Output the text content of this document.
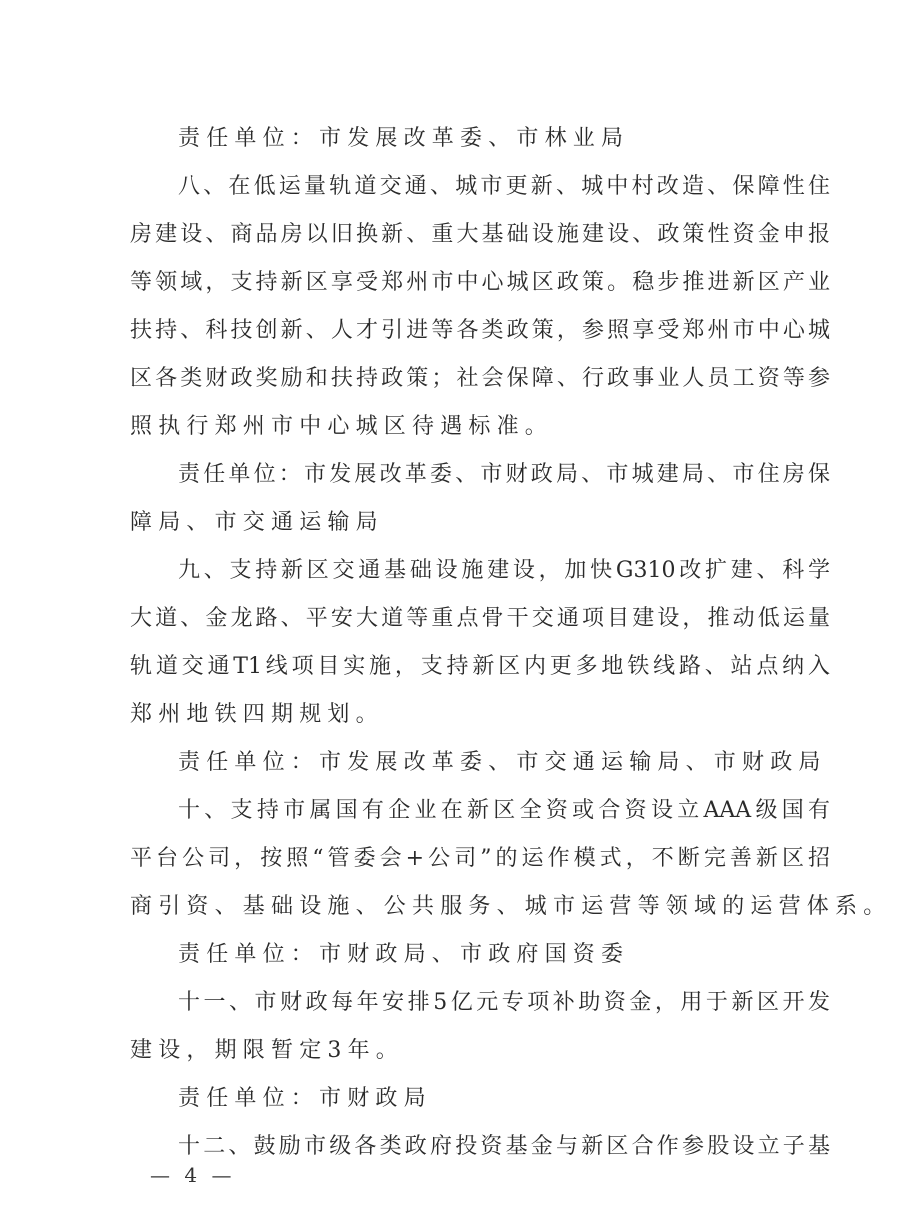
责任单位：市发展改革委、市林业局
八、在低运量轨道交通、城市更新、城中村改造、保障性住
房建设、商品房以旧换新、重大基础设施建设、政策性资金申报
等领域，支持新区享受郑州市中心城区政策。稳步推进新区产业
扶持、科技创新、人才引进等各类政策，参照享受郑州市中心城
区各类财政奖励和扶持政策；社会保障、行政事业人员工资等参
照执行郑州市中心城区待遇标准。
责任单位：市发展改革委、市财政局、市城建局、市住房保
障局、市交通运输局
九、支持新区交通基础设施建设，加快G310改扩建、科学
大道、金龙路、平安大道等重点骨干交通项目建设，推动低运量
轨道交通T1线项目实施，支持新区内更多地铁线路、站点纳入
郑州地铁四期规划。
责任单位：市发展改革委、市交通运输局、市财政局
十、支持市属国有企业在新区全资或合资设立AAA级国有
平台公司，按照“管委会+公司”的运作模式，不断完善新区招
商引资、基础设施、公共服务、城市运营等领域的运营体系。
责任单位：市财政局、市政府国资委
十一、市财政每年安排5亿元专项补助资金，用于新区开发
建设，期限暂定3年。
责任单位：市财政局
十二、鼓励市级各类政府投资基金与新区合作参股设立子基
— 4 —
